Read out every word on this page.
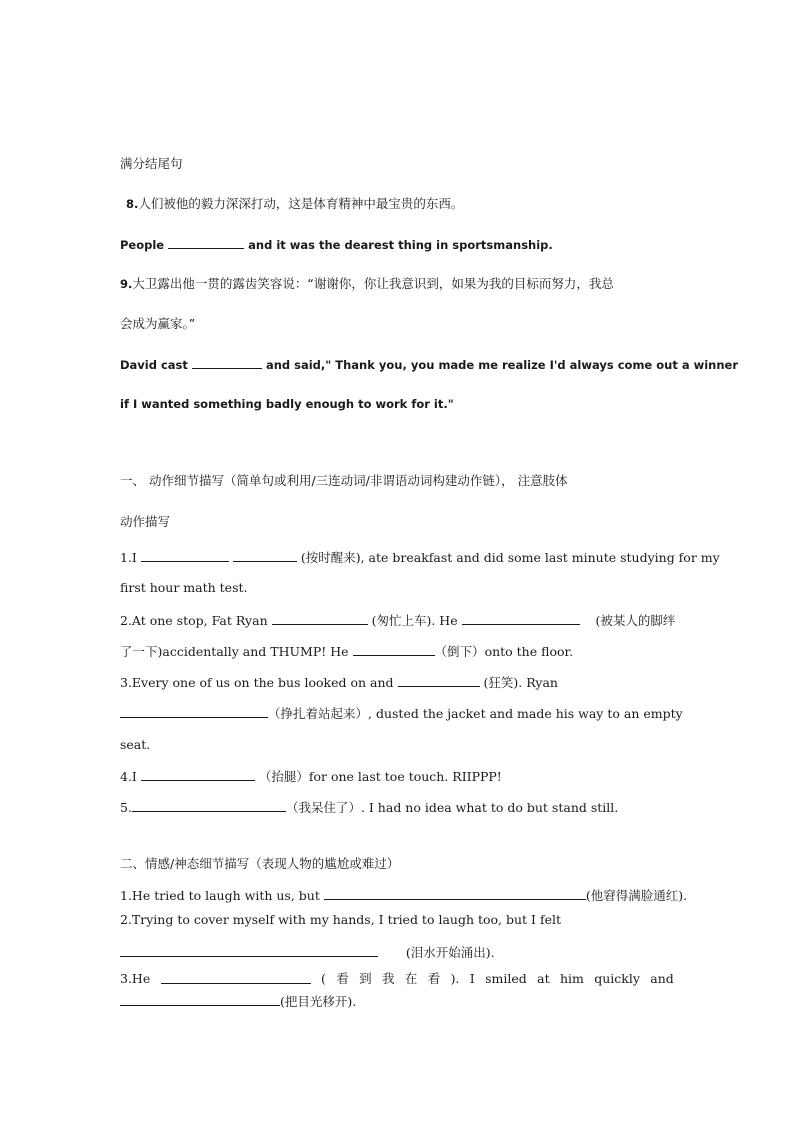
满分结尾句
8.人们被他的毅力深深打动，这是体育精神中最宝贵的东西。
People	and it was the dearest thing in sportsmanship.
9.大卫露出他一贯的露齿笑容说：“谢谢你，你让我意识到，如果为我的目标而努力，我总
会成为赢家。”
David cast	and said," Thank you, you made me realize I'd always come out a winner
if I wanted something badly enough to work for it."
一、 动作细节描写（简单句或利用/三连动词/非谓语动词构建动作链）， 注意肢体
动作描写
1.I	(按时醒来), ate breakfast and did some last minute studying for my
first hour math test.
2.At one stop, Fat Ryan	(匆忙上车). He	(被某人的脚绊
了一下)accidentally and THUMP! He	（倒下）onto the floor.
3.Every one of us on the bus looked on and	(狂笑). Ryan
（挣扎着站起来）, dusted the jacket and made his way to an empty
seat.
4.I	（抬腿）for one last toe touch. RIIPPP!
5.	（我呆住了）. I had no idea what to do but stand still.
二、情感/神态细节描写（表现人物的尴尬或难过）
1.He tried to laugh with us, but	(他窘得满脸通红).
2.Trying to cover myself with my hands, I tried to laugh too, but I felt
(泪水开始涌出).
3.He	( 看 到 我 在 看 ). I smiled at him quickly and
(把目光移开).
